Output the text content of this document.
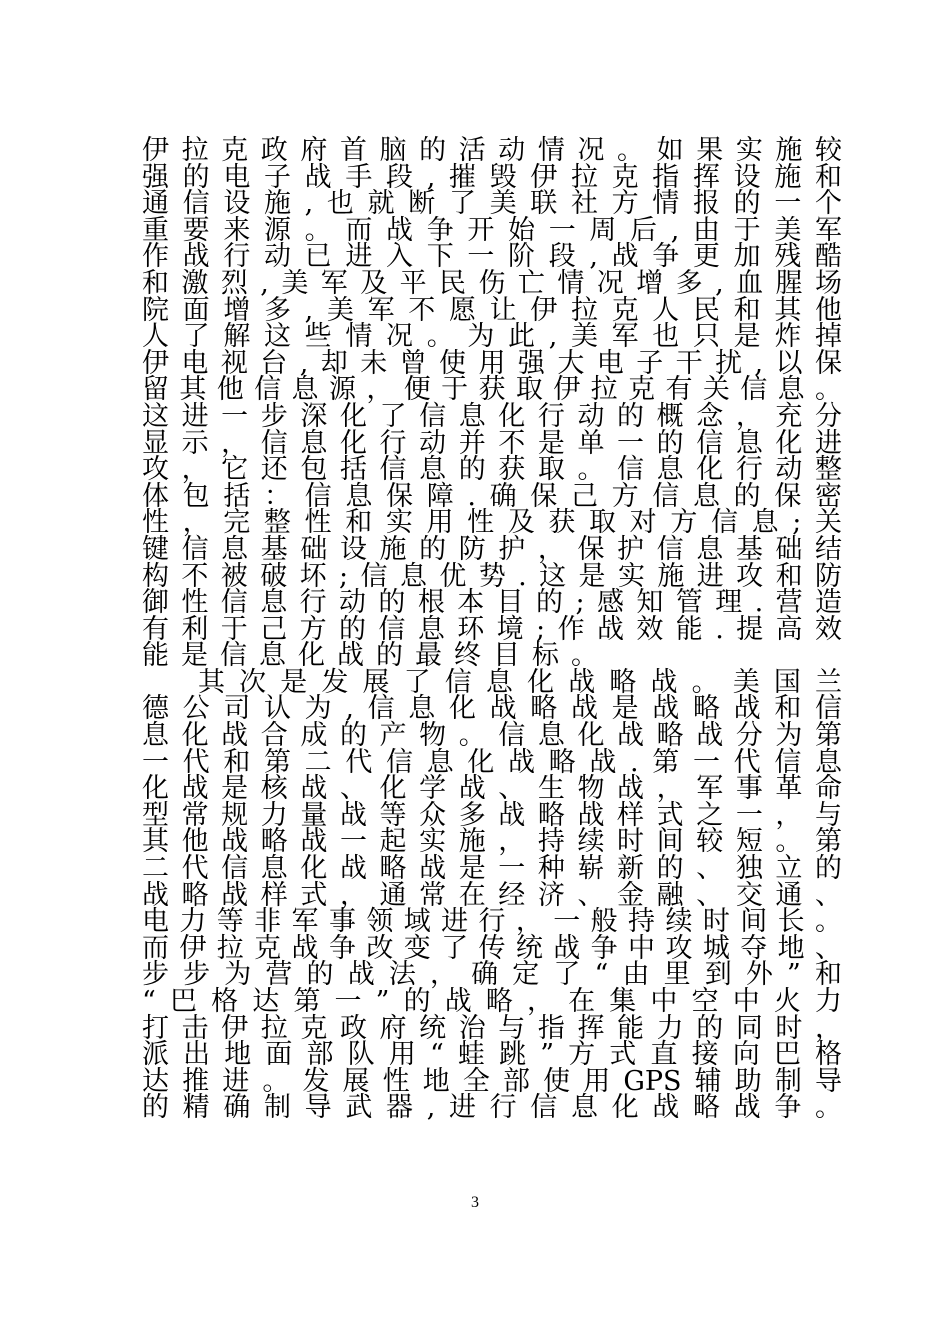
伊拉克政府首脑的活动情况。如果实施较
强的电子战手段,摧毁伊拉克指挥设施和
通信设施,也就断了美联社方情报的一个
重要来源。而战争开始一周后,由于美军
作战行动已进入下一阶段,战争更加残酷
和激烈,美军及平民伤亡情况增多,血腥场
院面增多,美军不愿让伊拉克人民和其他
人了解这些情况。为此,美军也只是炸掉
伊电视台,却未曾使用强大电子干扰,以保
留其他信息源，便于获取伊拉克有关信息。
这进一步深化了信息化行动的概念，充分
显示，信息化行动并不是单一的信息化进
攻，它还包括信息的获取。信息化行动整
体包括：信息保障.确保己方信息的保密
性，完整性和实用性及获取对方信息;关
键信息基础设施的防护，保护信息基础结
构不被破坏;信息优势.这是实施进攻和防
御性信息行动的根本目的;感知管理.营造
有利于己方的信息环境;作战效能.提高效
能是信息化战的最终目标。
其次是发展了信息化战略战。美国兰
德公司认为,信息化战略战是战略战和信
息化战合成的产物。信息化战略战分为第
一代和第二代信息化战略战.第一代信息
化战是核战、化学战、生物战，军事革命
型常规力量战等众多战略战样式之一，与
其他战略战一起实施，持续时间较短。第
二代信息化战略战是一种崭新的、独立的
战略战样式，通常在经济、金融、交通、
电力等非军事领域进行，一般持续时间长。
而伊拉克战争改变了传统战争中攻城夺地、
步步为营的战法，确定了“由里到外”和
“巴格达第一”的战略，在集中空中火力
打击伊拉克政府统治与指挥能力的同时，
派出地面部队用“蛙跳”方式直接向巴格
达推进。发展性地全部使用GPS辅助制导
的精确制导武器,进行信息化战略战争。
3
